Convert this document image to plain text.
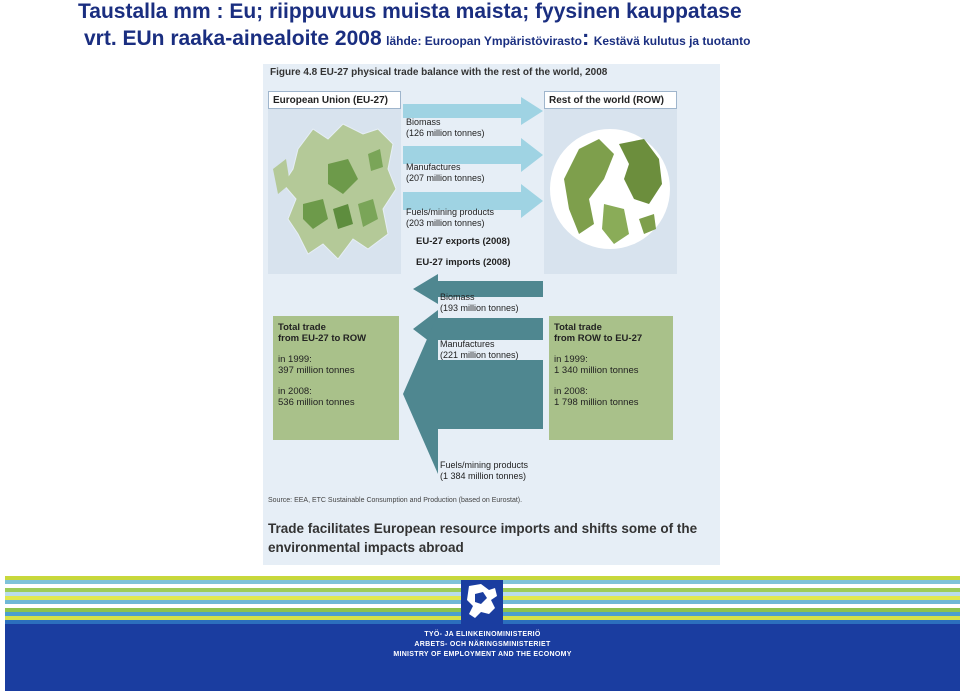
Taustalla mm : Eu; riippuvuus muista maista; fyysinen kauppatase
vrt. EUn raaka-ainealoite 2008 lähde: Euroopan Ympäristövirasto: Kestävä kulutus ja tuotanto
Figure 4.8 EU-27 physical trade balance with the rest of the world, 2008
European Union (EU-27)	Rest of the world (ROW)
Biomass
(126 million tonnes)
Manufactures
(207 million tonnes)
Fuels/mining products
(203 million tonnes)
EU-27 exports (2008)
EU-27 imports (2008)
Biomass
(193 million tonnes)
Manufactures
(221 million tonnes)
Fuels/mining products
(1 384 million tonnes)

Total trade

from EU-27 to ROW

in 1999:

397 million tonnes

in 2008:

536 million tonnes

Total trade

from ROW to EU-27

in 1999:

1 340 million tonnes

in 2008:

1 798 million tonnes

Source: EEA, ETC Sustainable Consumption and Production (based on Eurostat).
Trade facilitates European resource imports and shifts some of the environmental impacts abroad
TYÖ- JA ELINKEINOMINISTERIÖ
ARBETS- OCH NÄRINGSMINISTERIET
MINISTRY OF EMPLOYMENT AND THE ECONOMY
